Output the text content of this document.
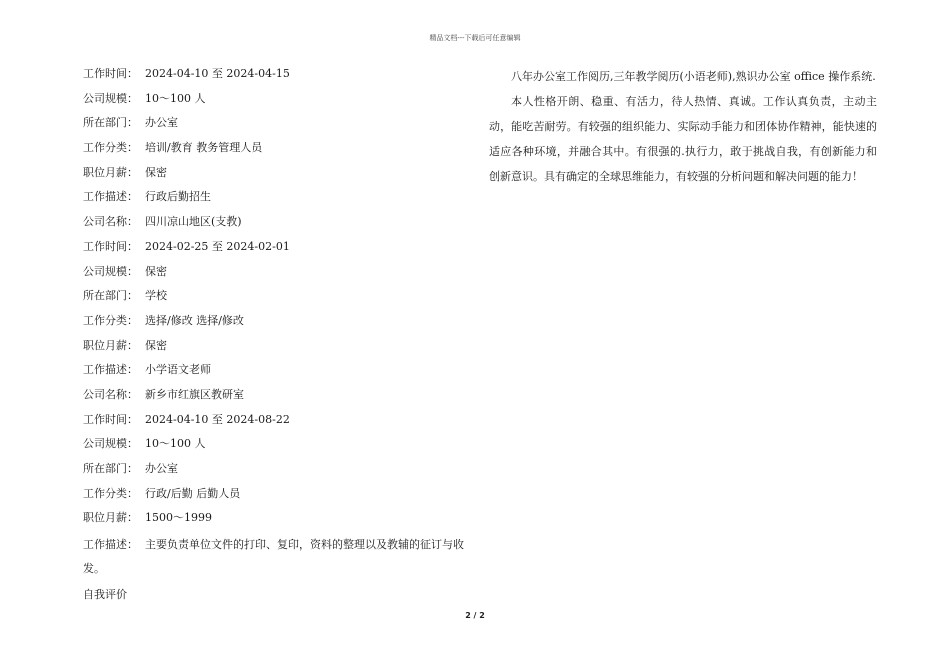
精品文档---下载后可任意编辑
工作时间： 2024-04-10 至 2024-04-15
公司规模： 10～100 人
所在部门： 办公室
工作分类： 培训/教育 教务管理人员
职位月薪： 保密
工作描述： 行政后勤招生
公司名称： 四川凉山地区(支教)
工作时间： 2024-02-25 至 2024-02-01
公司规模： 保密
所在部门： 学校
工作分类： 选择/修改 选择/修改
职位月薪： 保密
工作描述： 小学语文老师
公司名称： 新乡市红旗区教研室
工作时间： 2024-04-10 至 2024-08-22
公司规模： 10～100 人
所在部门： 办公室
工作分类： 行政/后勤 后勤人员
职位月薪： 1500～1999
工作描述： 主要负责单位文件的打印、复印，资料的整理以及教辅的征订与收发。
自我评价

八年办公室工作阅历,三年教学阅历(小语老师),熟识办公室 office 操作系统.

本人性格开朗、稳重、有活力，待人热情、真诚。工作认真负责，主动主动，能吃苦耐劳。有较强的组织能力、实际动手能力和团体协作精神，能快速的适应各种环境，并融合其中。有很强的.执行力，敢于挑战自我，有创新能力和创新意识。具有确定的全球思维能力，有较强的分析问题和解决问题的能力！

2 / 2
